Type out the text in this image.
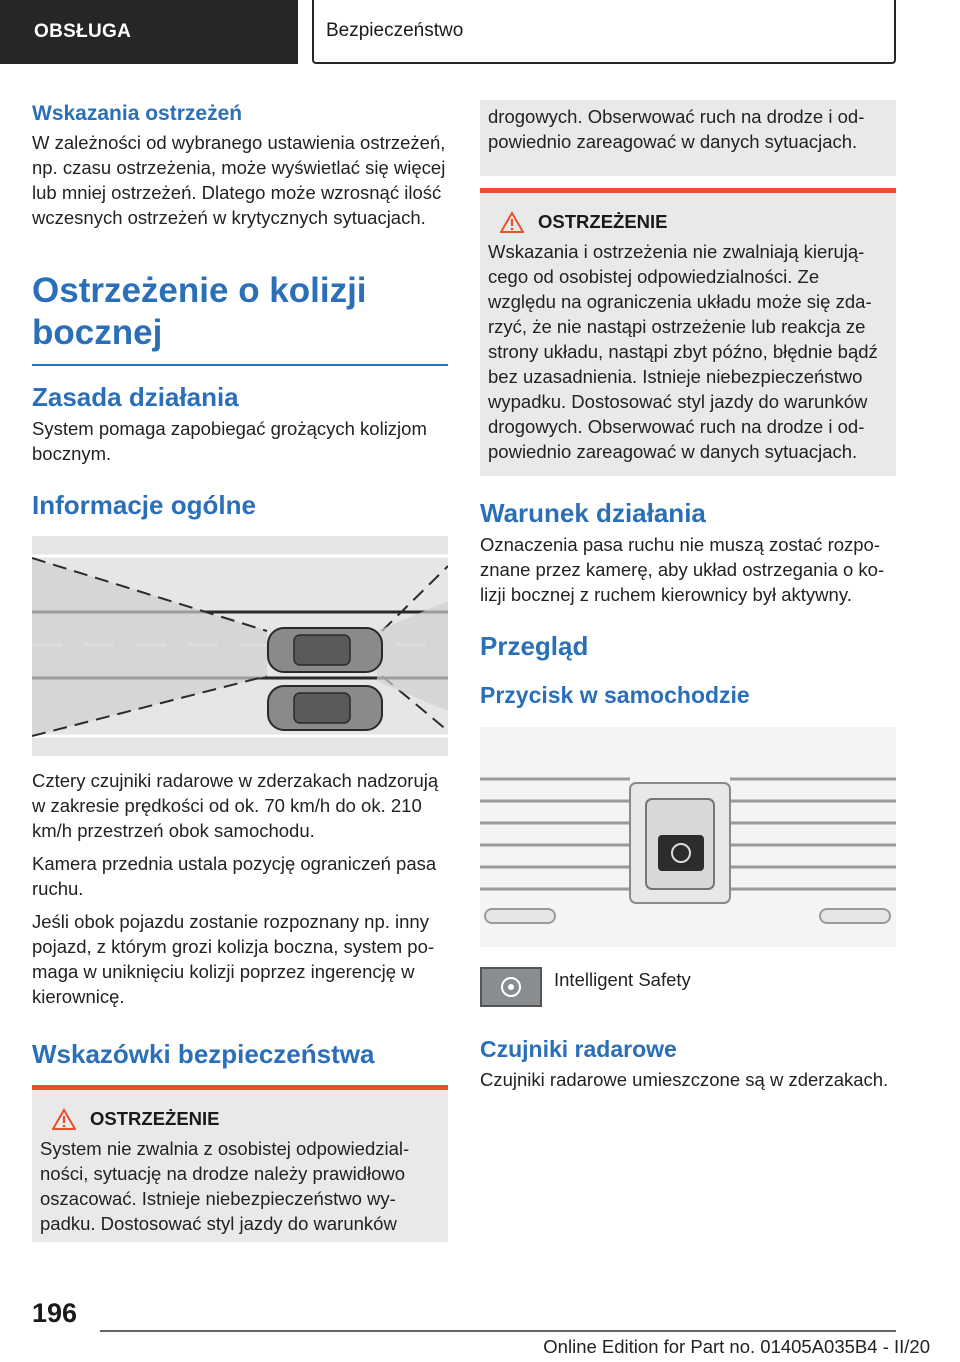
OBSŁUGA	Bezpieczeństwo
Wskazania ostrzeżeń
W zależności od wybranego ustawienia ostrzeżeń, np. czasu ostrzeżenia, może wyświetlać się więcej lub mniej ostrzeżeń. Dlatego może wzrosnąć ilość wczesnych ostrzeżeń w krytycznych sytuacjach.
Ostrzeżenie o kolizji bocznej
Zasada działania
System pomaga zapobiegać grożących kolizjom bocznym.
Informacje ogólne
Cztery czujniki radarowe w zderzakach nadzorują w zakresie prędkości od ok. 70 km/h do ok. 210 km/h przestrzeń obok samochodu.
Kamera przednia ustala pozycję ograniczeń pasa ruchu.
Jeśli obok pojazdu zostanie rozpoznany np. inny pojazd, z którym grozi kolizja boczna, system pomaga w uniknięciu kolizji poprzez ingerencję w kierownicę.
Wskazówki bezpieczeństwa
OSTRZEŻENIE
System nie zwalnia z osobistej odpowiedzialności, sytuację na drodze należy prawidłowo oszacować. Istnieje niebezpieczeństwo wypadku. Dostosować styl jazdy do warunków
drogowych. Obserwować ruch na drodze i odpowiednio zareagować w danych sytuacjach.
OSTRZEŻENIE
Wskazania i ostrzeżenia nie zwalniają kierującego od osobistej odpowiedzialności. Ze względu na ograniczenia układu może się zdarzyć, że nie nastąpi ostrzeżenie lub reakcja ze strony układu, nastąpi zbyt późno, błędnie bądź bez uzasadnienia. Istnieje niebezpieczeństwo wypadku. Dostosować styl jazdy do warunków drogowych. Obserwować ruch na drodze i odpowiednio zareagować w danych sytuacjach.
Warunek działania
Oznaczenia pasa ruchu nie muszą zostać rozpoznane przez kamerę, aby układ ostrzegania o kolizji bocznej z ruchem kierownicy był aktywny.
Przegląd
Przycisk w samochodzie
Intelligent Safety
Czujniki radarowe
Czujniki radarowe umieszczone są w zderzakach.
196
Online Edition for Part no. 01405A035B4 - II/20
